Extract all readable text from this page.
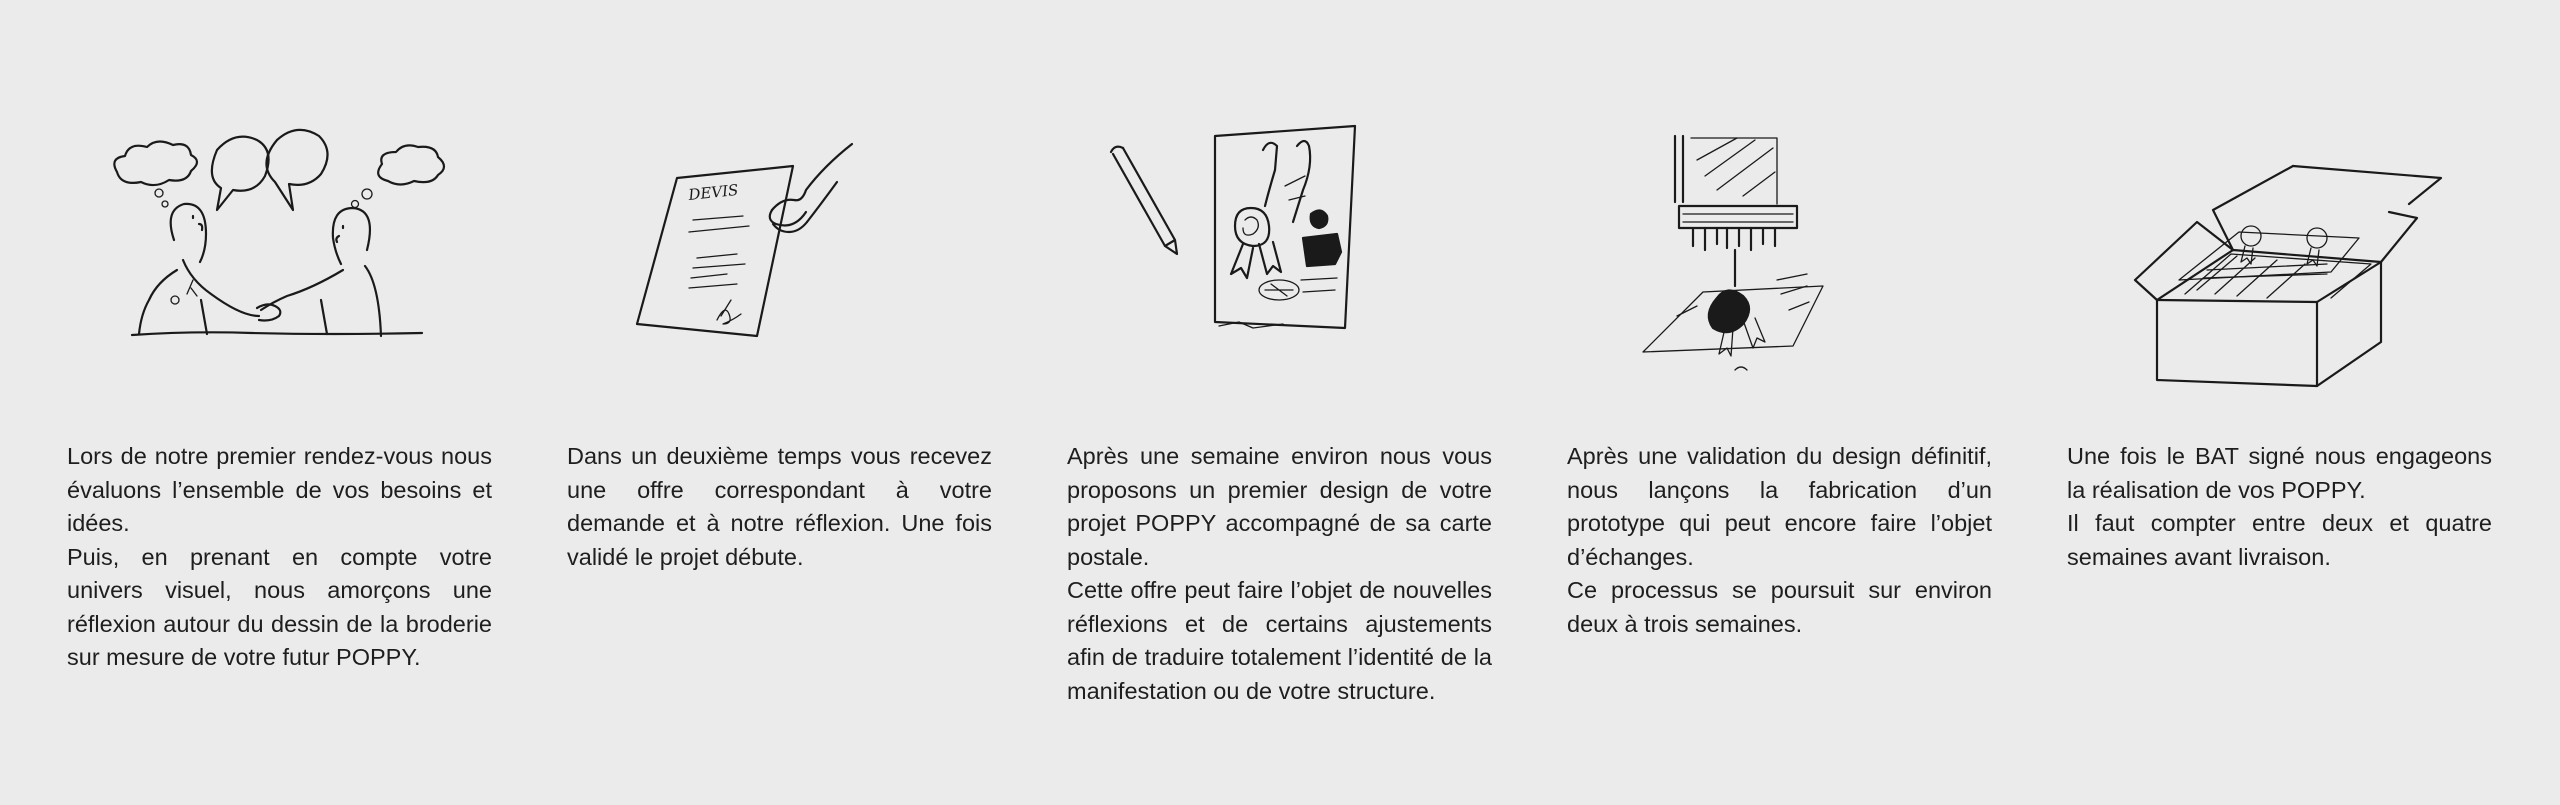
Lors de notre premier rendez-vous nous évaluons l’ensemble de vos besoins et idées.

Puis, en prenant en compte votre univers visuel, nous amorçons une réflexion autour du dessin de la broderie sur mesure de votre futur POPPY.

DEVIS

Dans un deuxième temps vous recevez une offre correspondant à votre demande et à notre réflexion. Une fois validé le projet débute.

Après une semaine environ nous vous proposons un premier design de votre projet POPPY accompagné de sa carte postale.

Cette offre peut faire l’objet de nouvelles réflexions et de certains ajustements afin de traduire totalement l’identité de la manifestation ou de votre structure.

Après une validation du design définitif, nous lançons la fabrication d’un prototype qui peut encore faire l’objet d’échanges.

Ce processus se poursuit sur environ deux à trois semaines.

Une fois le BAT signé nous engageons la réalisation de vos POPPY.

Il faut compter entre deux et quatre semaines avant livraison.
